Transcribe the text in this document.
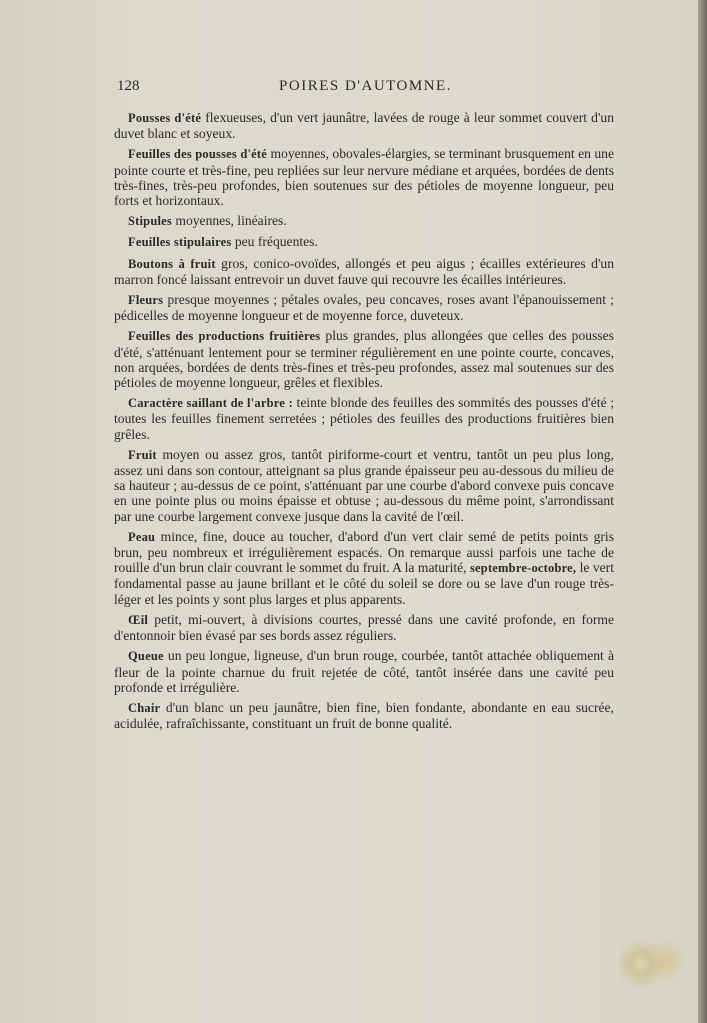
128	POIRES D'AUTOMNE.

Pousses d'été flexueuses, d'un vert jaunâtre, lavées de rouge à leur sommet couvert d'un duvet blanc et soyeux.

Feuilles des pousses d'été moyennes, obovales-élargies, se terminant brusquement en une pointe courte et très-fine, peu repliées sur leur nervure médiane et arquées, bordées de dents très-fines, très-peu profondes, bien soutenues sur des pétioles de moyenne longueur, peu forts et horizontaux.

Stipules moyennes, linéaires.

Feuilles stipulaires peu fréquentes.

Boutons à fruit gros, conico-ovoïdes, allongés et peu aigus ; écailles extérieures d'un marron foncé laissant entrevoir un duvet fauve qui recouvre les écailles intérieures.

Fleurs presque moyennes ; pétales ovales, peu concaves, roses avant l'épanouissement ; pédicelles de moyenne longueur et de moyenne force, duveteux.

Feuilles des productions fruitières plus grandes, plus allongées que celles des pousses d'été, s'atténuant lentement pour se terminer régulièrement en une pointe courte, concaves, non arquées, bordées de dents très-fines et très-peu profondes, assez mal soutenues sur des pétioles de moyenne longueur, grêles et flexibles.

Caractère saillant de l'arbre : teinte blonde des feuilles des sommités des pousses d'été ; toutes les feuilles finement serretées ; pétioles des feuilles des productions fruitières bien grêles.

Fruit moyen ou assez gros, tantôt piriforme-court et ventru, tantôt un peu plus long, assez uni dans son contour, atteignant sa plus grande épaisseur peu au-dessous du milieu de sa hauteur ; au-dessus de ce point, s'atténuant par une courbe d'abord convexe puis concave en une pointe plus ou moins épaisse et obtuse ; au-dessous du même point, s'arrondissant par une courbe largement convexe jusque dans la cavité de l'œil.

Peau mince, fine, douce au toucher, d'abord d'un vert clair semé de petits points gris brun, peu nombreux et irrégulièrement espacés. On remarque aussi parfois une tache de rouille d'un brun clair couvrant le sommet du fruit. A la maturité, septembre-octobre, le vert fondamental passe au jaune brillant et le côté du soleil se dore ou se lave d'un rouge très-léger et les points y sont plus larges et plus apparents.

Œil petit, mi-ouvert, à divisions courtes, pressé dans une cavité profonde, en forme d'entonnoir bien évasé par ses bords assez réguliers.

Queue un peu longue, ligneuse, d'un brun rouge, courbée, tantôt attachée obliquement à fleur de la pointe charnue du fruit rejetée de côté, tantôt insérée dans une cavité peu profonde et irrégulière.

Chair d'un blanc un peu jaunâtre, bien fine, bien fondante, abondante en eau sucrée, acidulée, rafraîchissante, constituant un fruit de bonne qualité.
